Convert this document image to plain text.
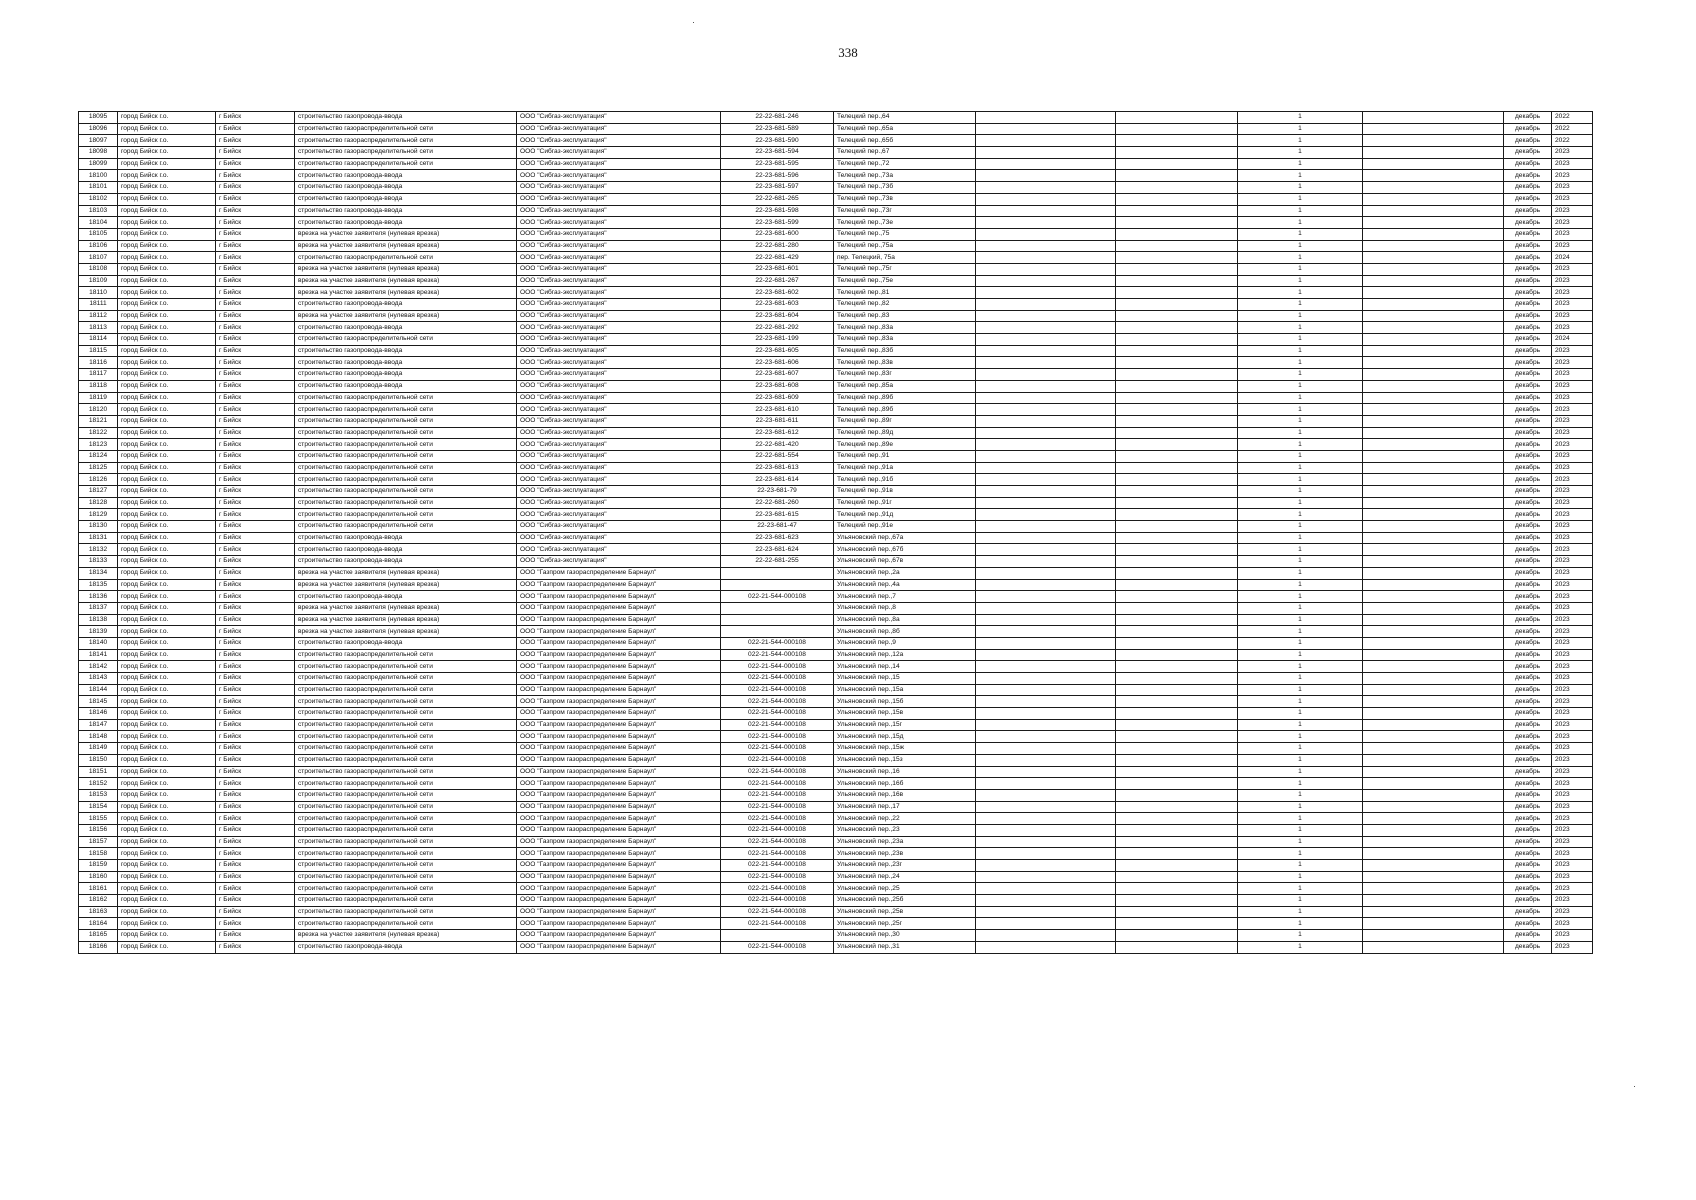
338
18095	город Бийск г.о.	г Бийск	строительство газопровода-ввода	ООО "Сибгаз-эксплуатация"	22-22-681-246	Телецкий пер.,64			1		декабрь	2022
18096	город Бийск г.о.	г Бийск	строительство газораспределительной сети	ООО "Сибгаз-эксплуатация"	22-23-681-589	Телецкий пер.,65а			1		декабрь	2022
18097	город Бийск г.о.	г Бийск	строительство газораспределительной сети	ООО "Сибгаз-эксплуатация"	22-23-681-590	Телецкий пер.,65б			1		декабрь	2022
18098	город Бийск г.о.	г Бийск	строительство газораспределительной сети	ООО "Сибгаз-эксплуатация"	22-23-681-594	Телецкий пер.,67			1		декабрь	2023
18099	город Бийск г.о.	г Бийск	строительство газораспределительной сети	ООО "Сибгаз-эксплуатация"	22-23-681-595	Телецкий пер.,72			1		декабрь	2023
18100	город Бийск г.о.	г Бийск	строительство газопровода-ввода	ООО "Сибгаз-эксплуатация"	22-23-681-596	Телецкий пер.,73а			1		декабрь	2023
18101	город Бийск г.о.	г Бийск	строительство газопровода-ввода	ООО "Сибгаз-эксплуатация"	22-23-681-597	Телецкий пер.,73б			1		декабрь	2023
18102	город Бийск г.о.	г Бийск	строительство газопровода-ввода	ООО "Сибгаз-эксплуатация"	22-22-681-265	Телецкий пер.,73в			1		декабрь	2023
18103	город Бийск г.о.	г Бийск	строительство газопровода-ввода	ООО "Сибгаз-эксплуатация"	22-23-681-598	Телецкий пер.,73г			1		декабрь	2023
18104	город Бийск г.о.	г Бийск	строительство газопровода-ввода	ООО "Сибгаз-эксплуатация"	22-23-681-599	Телецкий пер.,73е			1		декабрь	2023
18105	город Бийск г.о.	г Бийск	врезка на участке заявителя (нулевая врезка)	ООО "Сибгаз-эксплуатация"	22-23-681-600	Телецкий пер.,75			1		декабрь	2023
18106	город Бийск г.о.	г Бийск	врезка на участке заявителя (нулевая врезка)	ООО "Сибгаз-эксплуатация"	22-22-681-280	Телецкий пер.,75а			1		декабрь	2023
18107	город Бийск г.о.	г Бийск	строительство газораспределительной сети	ООО "Сибгаз-эксплуатация"	22-22-681-429	пер. Телецкий, 75а			1		декабрь	2024
18108	город Бийск г.о.	г Бийск	врезка на участке заявителя (нулевая врезка)	ООО "Сибгаз-эксплуатация"	22-23-681-601	Телецкий пер.,75г			1		декабрь	2023
18109	город Бийск г.о.	г Бийск	врезка на участке заявителя (нулевая врезка)	ООО "Сибгаз-эксплуатация"	22-22-681-267	Телецкий пер.,75е			1		декабрь	2023
18110	город Бийск г.о.	г Бийск	врезка на участке заявителя (нулевая врезка)	ООО "Сибгаз-эксплуатация"	22-23-681-602	Телецкий пер.,81			1		декабрь	2023
18111	город Бийск г.о.	г Бийск	строительство газопровода-ввода	ООО "Сибгаз-эксплуатация"	22-23-681-603	Телецкий пер.,82			1		декабрь	2023
18112	город Бийск г.о.	г Бийск	врезка на участке заявителя (нулевая врезка)	ООО "Сибгаз-эксплуатация"	22-23-681-604	Телецкий пер.,83			1		декабрь	2023
18113	город Бийск г.о.	г Бийск	строительство газопровода-ввода	ООО "Сибгаз-эксплуатация"	22-22-681-292	Телецкий пер.,83а			1		декабрь	2023
18114	город Бийск г.о.	г Бийск	строительство газораспределительной сети	ООО "Сибгаз-эксплуатация"	22-23-681-199	Телецкий пер.,83а			1		декабрь	2024
18115	город Бийск г.о.	г Бийск	строительство газопровода-ввода	ООО "Сибгаз-эксплуатация"	22-23-681-605	Телецкий пер.,83б			1		декабрь	2023
18116	город Бийск г.о.	г Бийск	строительство газопровода-ввода	ООО "Сибгаз-эксплуатация"	22-23-681-606	Телецкий пер.,83в			1		декабрь	2023
18117	город Бийск г.о.	г Бийск	строительство газопровода-ввода	ООО "Сибгаз-эксплуатация"	22-23-681-607	Телецкий пер.,83г			1		декабрь	2023
18118	город Бийск г.о.	г Бийск	строительство газопровода-ввода	ООО "Сибгаз-эксплуатация"	22-23-681-608	Телецкий пер.,85а			1		декабрь	2023
18119	город Бийск г.о.	г Бийск	строительство газораспределительной сети	ООО "Сибгаз-эксплуатация"	22-23-681-609	Телецкий пер.,89б			1		декабрь	2023
18120	город Бийск г.о.	г Бийск	строительство газораспределительной сети	ООО "Сибгаз-эксплуатация"	22-23-681-610	Телецкий пер.,89б			1		декабрь	2023
18121	город Бийск г.о.	г Бийск	строительство газораспределительной сети	ООО "Сибгаз-эксплуатация"	22-23-681-611	Телецкий пер.,89г			1		декабрь	2023
18122	город Бийск г.о.	г Бийск	строительство газораспределительной сети	ООО "Сибгаз-эксплуатация"	22-23-681-612	Телецкий пер.,89д			1		декабрь	2023
18123	город Бийск г.о.	г Бийск	строительство газораспределительной сети	ООО "Сибгаз-эксплуатация"	22-22-681-420	Телецкий пер.,89е			1		декабрь	2023
18124	город Бийск г.о.	г Бийск	строительство газораспределительной сети	ООО "Сибгаз-эксплуатация"	22-22-681-554	Телецкий пер.,91			1		декабрь	2023
18125	город Бийск г.о.	г Бийск	строительство газораспределительной сети	ООО "Сибгаз-эксплуатация"	22-23-681-613	Телецкий пер.,91а			1		декабрь	2023
18126	город Бийск г.о.	г Бийск	строительство газораспределительной сети	ООО "Сибгаз-эксплуатация"	22-23-681-614	Телецкий пер.,91б			1		декабрь	2023
18127	город Бийск г.о.	г Бийск	строительство газораспределительной сети	ООО "Сибгаз-эксплуатация"	22-23-681-79	Телецкий пер.,91в			1		декабрь	2023
18128	город Бийск г.о.	г Бийск	строительство газораспределительной сети	ООО "Сибгаз-эксплуатация"	22-22-681-260	Телецкий пер.,91г			1		декабрь	2023
18129	город Бийск г.о.	г Бийск	строительство газораспределительной сети	ООО "Сибгаз-эксплуатация"	22-23-681-615	Телецкий пер.,91д			1		декабрь	2023
18130	город Бийск г.о.	г Бийск	строительство газораспределительной сети	ООО "Сибгаз-эксплуатация"	22-23-681-47	Телецкий пер.,91е			1		декабрь	2023
18131	город Бийск г.о.	г Бийск	строительство газопровода-ввода	ООО "Сибгаз-эксплуатация"	22-23-681-623	Ульяновский пер.,67а			1		декабрь	2023
18132	город Бийск г.о.	г Бийск	строительство газопровода-ввода	ООО "Сибгаз-эксплуатация"	22-23-681-624	Ульяновский пер.,67б			1		декабрь	2023
18133	город Бийск г.о.	г Бийск	строительство газопровода-ввода	ООО "Сибгаз-эксплуатация"	22-22-681-255	Ульяновский пер.,67в			1		декабрь	2023
18134	город Бийск г.о.	г Бийск	врезка на участке заявителя (нулевая врезка)	ООО "Газпром газораспределение Барнаул"		Ульяновский пер.,2а			1		декабрь	2023
18135	город Бийск г.о.	г Бийск	врезка на участке заявителя (нулевая врезка)	ООО "Газпром газораспределение Барнаул"		Ульяновский пер.,4а			1		декабрь	2023
18136	город Бийск г.о.	г Бийск	строительство газопровода-ввода	ООО "Газпром газораспределение Барнаул"	022-21-544-000108	Ульяновский пер.,7			1		декабрь	2023
18137	город Бийск г.о.	г Бийск	врезка на участке заявителя (нулевая врезка)	ООО "Газпром газораспределение Барнаул"		Ульяновский пер.,8			1		декабрь	2023
18138	город Бийск г.о.	г Бийск	врезка на участке заявителя (нулевая врезка)	ООО "Газпром газораспределение Барнаул"		Ульяновский пер.,8а			1		декабрь	2023
18139	город Бийск г.о.	г Бийск	врезка на участке заявителя (нулевая врезка)	ООО "Газпром газораспределение Барнаул"		Ульяновский пер.,8б			1		декабрь	2023
18140	город Бийск г.о.	г Бийск	строительство газопровода-ввода	ООО "Газпром газораспределение Барнаул"	022-21-544-000108	Ульяновский пер.,9			1		декабрь	2023
18141	город Бийск г.о.	г Бийск	строительство газораспределительной сети	ООО "Газпром газораспределение Барнаул"	022-21-544-000108	Ульяновский пер.,12а			1		декабрь	2023
18142	город Бийск г.о.	г Бийск	строительство газораспределительной сети	ООО "Газпром газораспределение Барнаул"	022-21-544-000108	Ульяновский пер.,14			1		декабрь	2023
18143	город Бийск г.о.	г Бийск	строительство газораспределительной сети	ООО "Газпром газораспределение Барнаул"	022-21-544-000108	Ульяновский пер.,15			1		декабрь	2023
18144	город Бийск г.о.	г Бийск	строительство газораспределительной сети	ООО "Газпром газораспределение Барнаул"	022-21-544-000108	Ульяновский пер.,15а			1		декабрь	2023
18145	город Бийск г.о.	г Бийск	строительство газораспределительной сети	ООО "Газпром газораспределение Барнаул"	022-21-544-000108	Ульяновский пер.,15б			1		декабрь	2023
18146	город Бийск г.о.	г Бийск	строительство газораспределительной сети	ООО "Газпром газораспределение Барнаул"	022-21-544-000108	Ульяновский пер.,15в			1		декабрь	2023
18147	город Бийск г.о.	г Бийск	строительство газораспределительной сети	ООО "Газпром газораспределение Барнаул"	022-21-544-000108	Ульяновский пер.,15г			1		декабрь	2023
18148	город Бийск г.о.	г Бийск	строительство газораспределительной сети	ООО "Газпром газораспределение Барнаул"	022-21-544-000108	Ульяновский пер.,15д			1		декабрь	2023
18149	город Бийск г.о.	г Бийск	строительство газораспределительной сети	ООО "Газпром газораспределение Барнаул"	022-21-544-000108	Ульяновский пер.,15ж			1		декабрь	2023
18150	город Бийск г.о.	г Бийск	строительство газораспределительной сети	ООО "Газпром газораспределение Барнаул"	022-21-544-000108	Ульяновский пер.,15з			1		декабрь	2023
18151	город Бийск г.о.	г Бийск	строительство газораспределительной сети	ООО "Газпром газораспределение Барнаул"	022-21-544-000108	Ульяновский пер.,16			1		декабрь	2023
18152	город Бийск г.о.	г Бийск	строительство газораспределительной сети	ООО "Газпром газораспределение Барнаул"	022-21-544-000108	Ульяновский пер.,16б			1		декабрь	2023
18153	город Бийск г.о.	г Бийск	строительство газораспределительной сети	ООО "Газпром газораспределение Барнаул"	022-21-544-000108	Ульяновский пер.,16в			1		декабрь	2023
18154	город Бийск г.о.	г Бийск	строительство газораспределительной сети	ООО "Газпром газораспределение Барнаул"	022-21-544-000108	Ульяновский пер.,17			1		декабрь	2023
18155	город Бийск г.о.	г Бийск	строительство газораспределительной сети	ООО "Газпром газораспределение Барнаул"	022-21-544-000108	Ульяновский пер.,22			1		декабрь	2023
18156	город Бийск г.о.	г Бийск	строительство газораспределительной сети	ООО "Газпром газораспределение Барнаул"	022-21-544-000108	Ульяновский пер.,23			1		декабрь	2023
18157	город Бийск г.о.	г Бийск	строительство газораспределительной сети	ООО "Газпром газораспределение Барнаул"	022-21-544-000108	Ульяновский пер.,23а			1		декабрь	2023
18158	город Бийск г.о.	г Бийск	строительство газораспределительной сети	ООО "Газпром газораспределение Барнаул"	022-21-544-000108	Ульяновский пер.,23в			1		декабрь	2023
18159	город Бийск г.о.	г Бийск	строительство газораспределительной сети	ООО "Газпром газораспределение Барнаул"	022-21-544-000108	Ульяновский пер.,23г			1		декабрь	2023
18160	город Бийск г.о.	г Бийск	строительство газораспределительной сети	ООО "Газпром газораспределение Барнаул"	022-21-544-000108	Ульяновский пер.,24			1		декабрь	2023
18161	город Бийск г.о.	г Бийск	строительство газораспределительной сети	ООО "Газпром газораспределение Барнаул"	022-21-544-000108	Ульяновский пер.,25			1		декабрь	2023
18162	город Бийск г.о.	г Бийск	строительство газораспределительной сети	ООО "Газпром газораспределение Барнаул"	022-21-544-000108	Ульяновский пер.,25б			1		декабрь	2023
18163	город Бийск г.о.	г Бийск	строительство газораспределительной сети	ООО "Газпром газораспределение Барнаул"	022-21-544-000108	Ульяновский пер.,25в			1		декабрь	2023
18164	город Бийск г.о.	г Бийск	строительство газораспределительной сети	ООО "Газпром газораспределение Барнаул"	022-21-544-000108	Ульяновский пер.,25г			1		декабрь	2023
18165	город Бийск г.о.	г Бийск	врезка на участке заявителя (нулевая врезка)	ООО "Газпром газораспределение Барнаул"		Ульяновский пер.,30			1		декабрь	2023
18166	город Бийск г.о.	г Бийск	строительство газопровода-ввода	ООО "Газпром газораспределение Барнаул"	022-21-544-000108	Ульяновский пер.,31			1		декабрь	2023
